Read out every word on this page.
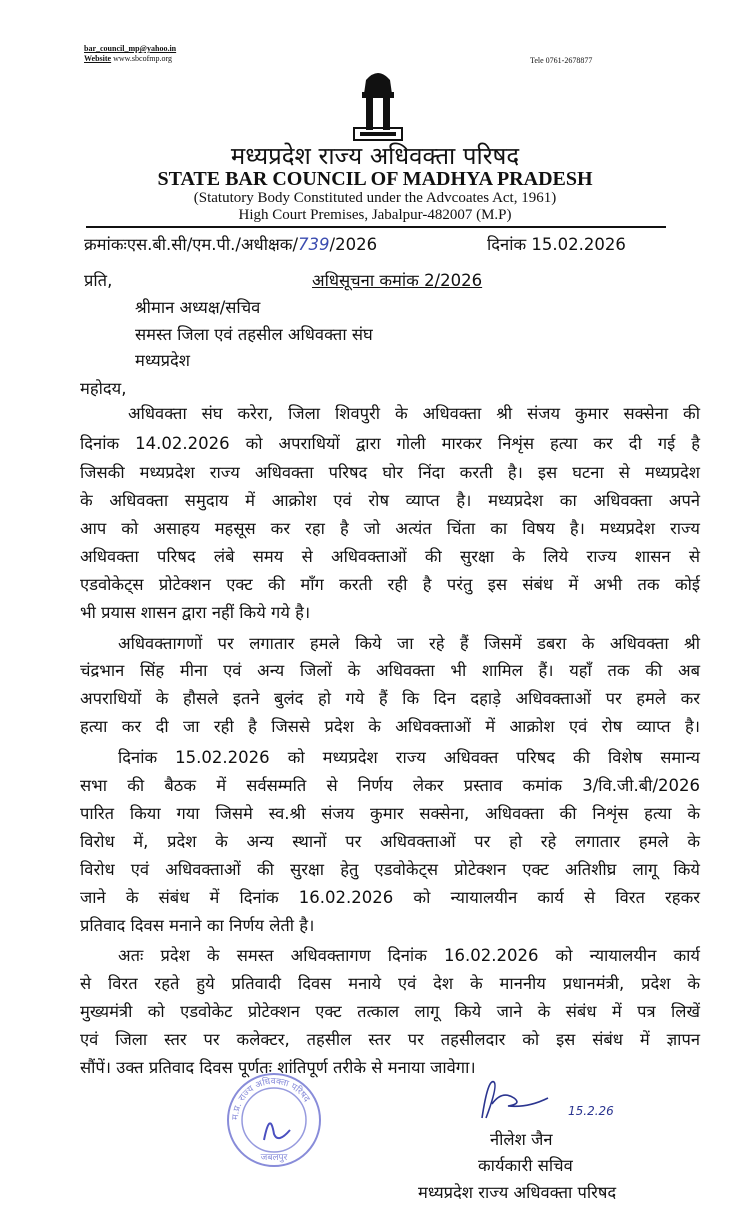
bar_council_mp@yahoo.in
Website www.sbcofmp.org	Tele 0761-2678877
मध्यप्रदेश राज्य अधिवक्ता परिषद
STATE BAR COUNCIL OF MADHYA PRADESH
(Statutory Body Constituted under the Advcoates Act, 1961)
High Court Premises, Jabalpur-482007 (M.P)
क्रमांकःएस.बी.सी/एम.पी./अधीक्षक/739/2026	दिनांक 15.02.2026
प्रति,	अधिसूचना कमांक 2/2026
श्रीमान अध्यक्ष/सचिव
समस्त जिला एवं तहसील अधिवक्ता संघ
मध्यप्रदेश
महोदय,
अधिवक्ता संघ करेरा, जिला शिवपुरी के अधिवक्ता श्री संजय कुमार सक्सेना की
दिनांक 14.02.2026 को अपराधियों द्वारा गोली मारकर निशृंस हत्या कर दी गई है
जिसकी मध्यप्रदेश राज्य अधिवक्ता परिषद घोर निंदा करती है। इस घटना से मध्यप्रदेश
के अधिवक्ता समुदाय में आक्रोश एवं रोष व्याप्त है। मध्यप्रदेश का अधिवक्ता अपने
आप को असाहय महसूस कर रहा है जो अत्यंत चिंता का विषय है। मध्यप्रदेश राज्य
अधिवक्ता परिषद लंबे समय से अधिवक्ताओं की सुरक्षा के लिये राज्य शासन से
एडवोकेट्स प्रोटेक्शन एक्ट की माँग करती रही है परंतु इस संबंध में अभी तक कोई
भी प्रयास शासन द्वारा नहीं किये गये है।
अधिवक्तागणों पर लगातार हमले किये जा रहे हैं जिसमें डबरा के अधिवक्ता श्री
चंद्रभान सिंह मीना एवं अन्य जिलों के अधिवक्ता भी शामिल हैं। यहाँ तक की अब
अपराधियों के हौसले इतने बुलंद हो गये हैं कि दिन दहाड़े अधिवक्ताओं पर हमले कर
हत्या कर दी जा रही है जिससे प्रदेश के अधिवक्ताओं में आक्रोश एवं रोष व्याप्त है।
दिनांक 15.02.2026 को मध्यप्रदेश राज्य अधिवक्त परिषद की विशेष समान्य
सभा की बैठक में सर्वसम्मति से निर्णय लेकर प्रस्ताव कमांक 3/वि.जी.बी/2026
पारित किया गया जिसमे स्व.श्री संजय कुमार सक्सेना, अधिवक्ता की निशृंस हत्या के
विरोध में, प्रदेश के अन्य स्थानों पर अधिवक्ताओं पर हो रहे लगातार हमले के
विरोध एवं अधिवक्ताओं की सुरक्षा हेतु एडवोकेट्स प्रोटेक्शन एक्ट अतिशीघ्र लागू किये
जाने के संबंध में दिनांक 16.02.2026 को न्यायालयीन कार्य से विरत रहकर
प्रतिवाद दिवस मनाने का निर्णय लेती है।
अतः प्रदेश के समस्त अधिवक्तागण दिनांक 16.02.2026 को न्यायालयीन कार्य
से विरत रहते हुये प्रतिवादी दिवस मनाये एवं देश के माननीय प्रधानमंत्री, प्रदेश के
मुख्यमंत्री को एडवोकेट प्रोटेक्शन एक्ट तत्काल लागू किये जाने के संबंध में पत्र लिखें
एवं जिला स्तर पर कलेक्टर, तहसील स्तर पर तहसीलदार को इस संबंध में ज्ञापन
सौंपें। उक्त प्रतिवाद दिवस पूर्णतः शांतिपूर्ण तरीके से मनाया जावेगा।
म.प्र. राज्य अधिवक्ता परिषद
जबलपुर
15.2.26
नीलेश जैन
कार्यकारी सचिव
मध्यप्रदेश राज्य अधिवक्ता परिषद
